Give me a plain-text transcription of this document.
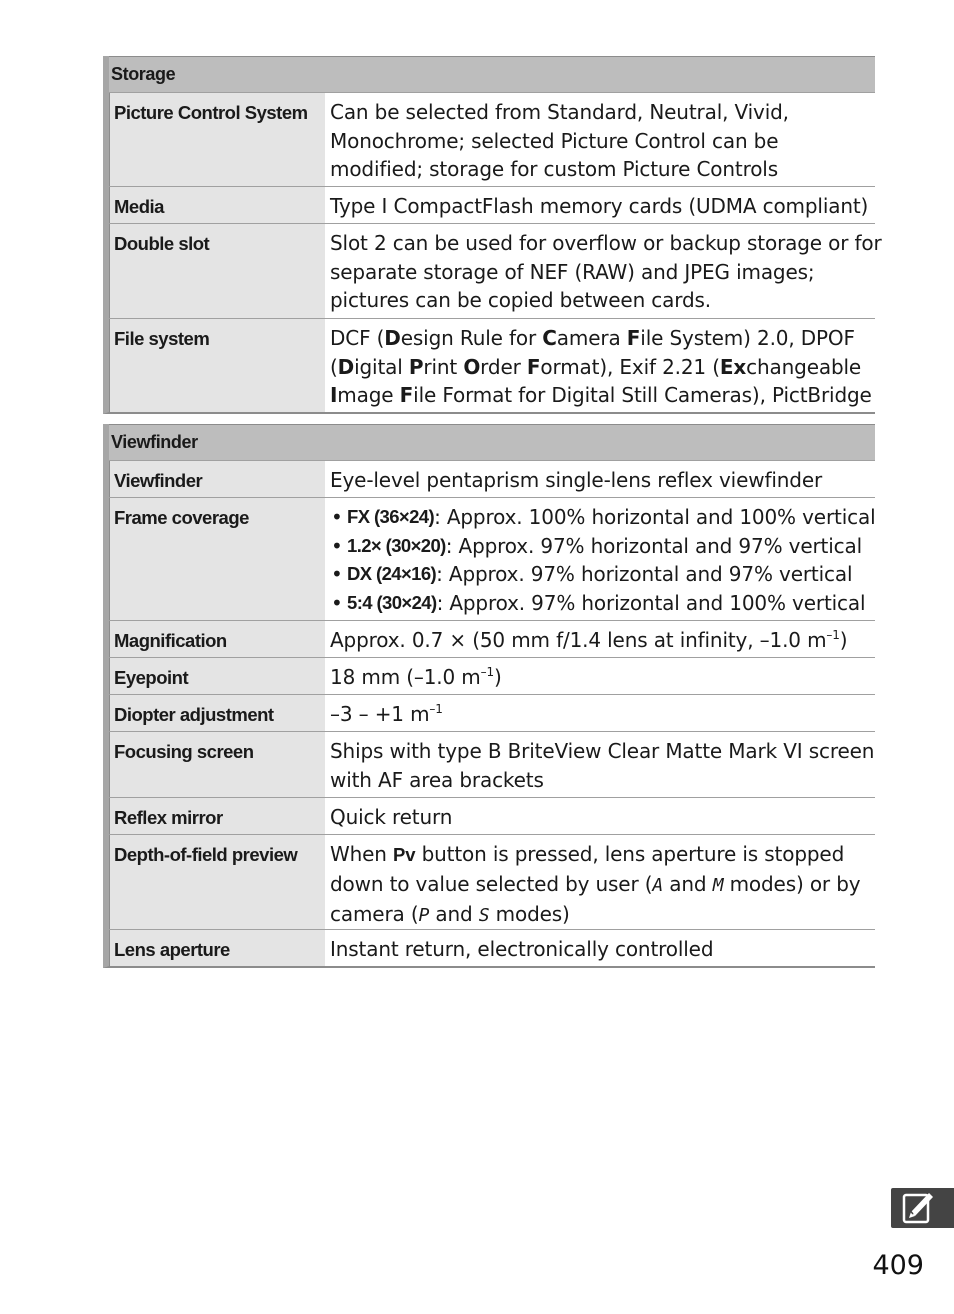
Storage
Picture Control System	Can be selected from Standard, Neutral, Vivid,
Monochrome; selected Picture Control can be
modified; storage for custom Picture Controls
Media	Type I CompactFlash memory cards (UDMA compliant)
Double slot	Slot 2 can be used for overflow or backup storage or for
separate storage of NEF (RAW) and JPEG images;
pictures can be copied between cards.
File system	DCF (Design Rule for Camera File System) 2.0, DPOF
(Digital Print Order Format), Exif 2.21 (Exchangeable
Image File Format for Digital Still Cameras), PictBridge
Viewfinder
Viewfinder	Eye-level pentaprism single-lens reflex viewfinder
Frame coverage	• FX (36×24) : Approx. 100% horizontal and 100% vertical
• 1.2× (30×20) : Approx. 97% horizontal and 97% vertical
• DX (24×16) : Approx. 97% horizontal and 97% vertical
• 5:4 (30×24) : Approx. 97% horizontal and 100% vertical
Magnification	Approx. 0.7 × (50 mm f/1.4 lens at infinity, –1.0 $m^{-1}$)
Eyepoint	18 mm (–1.0 $m^{-1}$)
Diopter adjustment	–3 – +1 $m^{-1}$
Focusing screen	Ships with type B BriteView Clear Matte Mark VI screen
with AF area brackets
Reflex mirror	Quick return
Depth-of-field preview	When Pv button is pressed, lens aperture is stopped
down to value selected by user (A and M modes) or by
camera (P and S modes)
Lens aperture	Instant return, electronically controlled
409
